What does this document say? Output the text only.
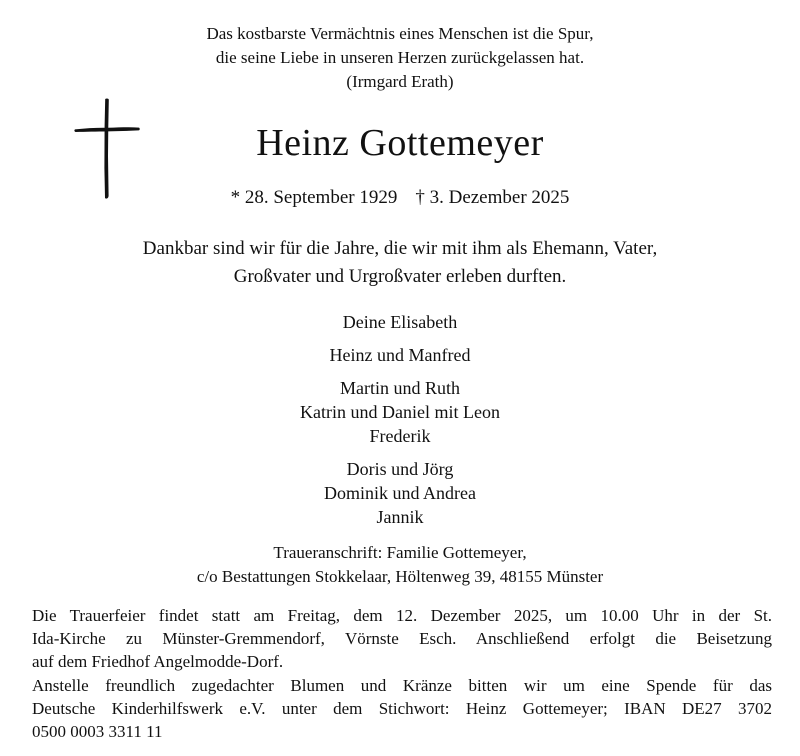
Das kostbarste Vermächtnis eines Menschen ist die Spur,
die seine Liebe in unseren Herzen zurückgelassen hat.
(Irmgard Erath)
Heinz Gottemeyer
* 28. September 1929 † 3. Dezember 2025
Dankbar sind wir für die Jahre, die wir mit ihm als Ehemann, Vater,
Großvater und Urgroßvater erleben durften.
Deine Elisabeth
Heinz und Manfred
Martin und Ruth
Katrin und Daniel mit Leon
Frederik
Doris und Jörg
Dominik und Andrea
Jannik
Traueranschrift: Familie Gottemeyer,
c/o Bestattungen Stokkelaar, Höltenweg 39, 48155 Münster
Die Trauerfeier findet statt am Freitag, dem 12. Dezember 2025, um 10.00 Uhr in der St.
Ida-Kirche zu Münster-Gremmendorf, Vörnste Esch. Anschließend erfolgt die Beisetzung
auf dem Friedhof Angelmodde-Dorf.
Anstelle freundlich zugedachter Blumen und Kränze bitten wir um eine Spende für das
Deutsche Kinderhilfswerk e.V. unter dem Stichwort: Heinz Gottemeyer; IBAN DE27 3702
0500 0003 3311 11
